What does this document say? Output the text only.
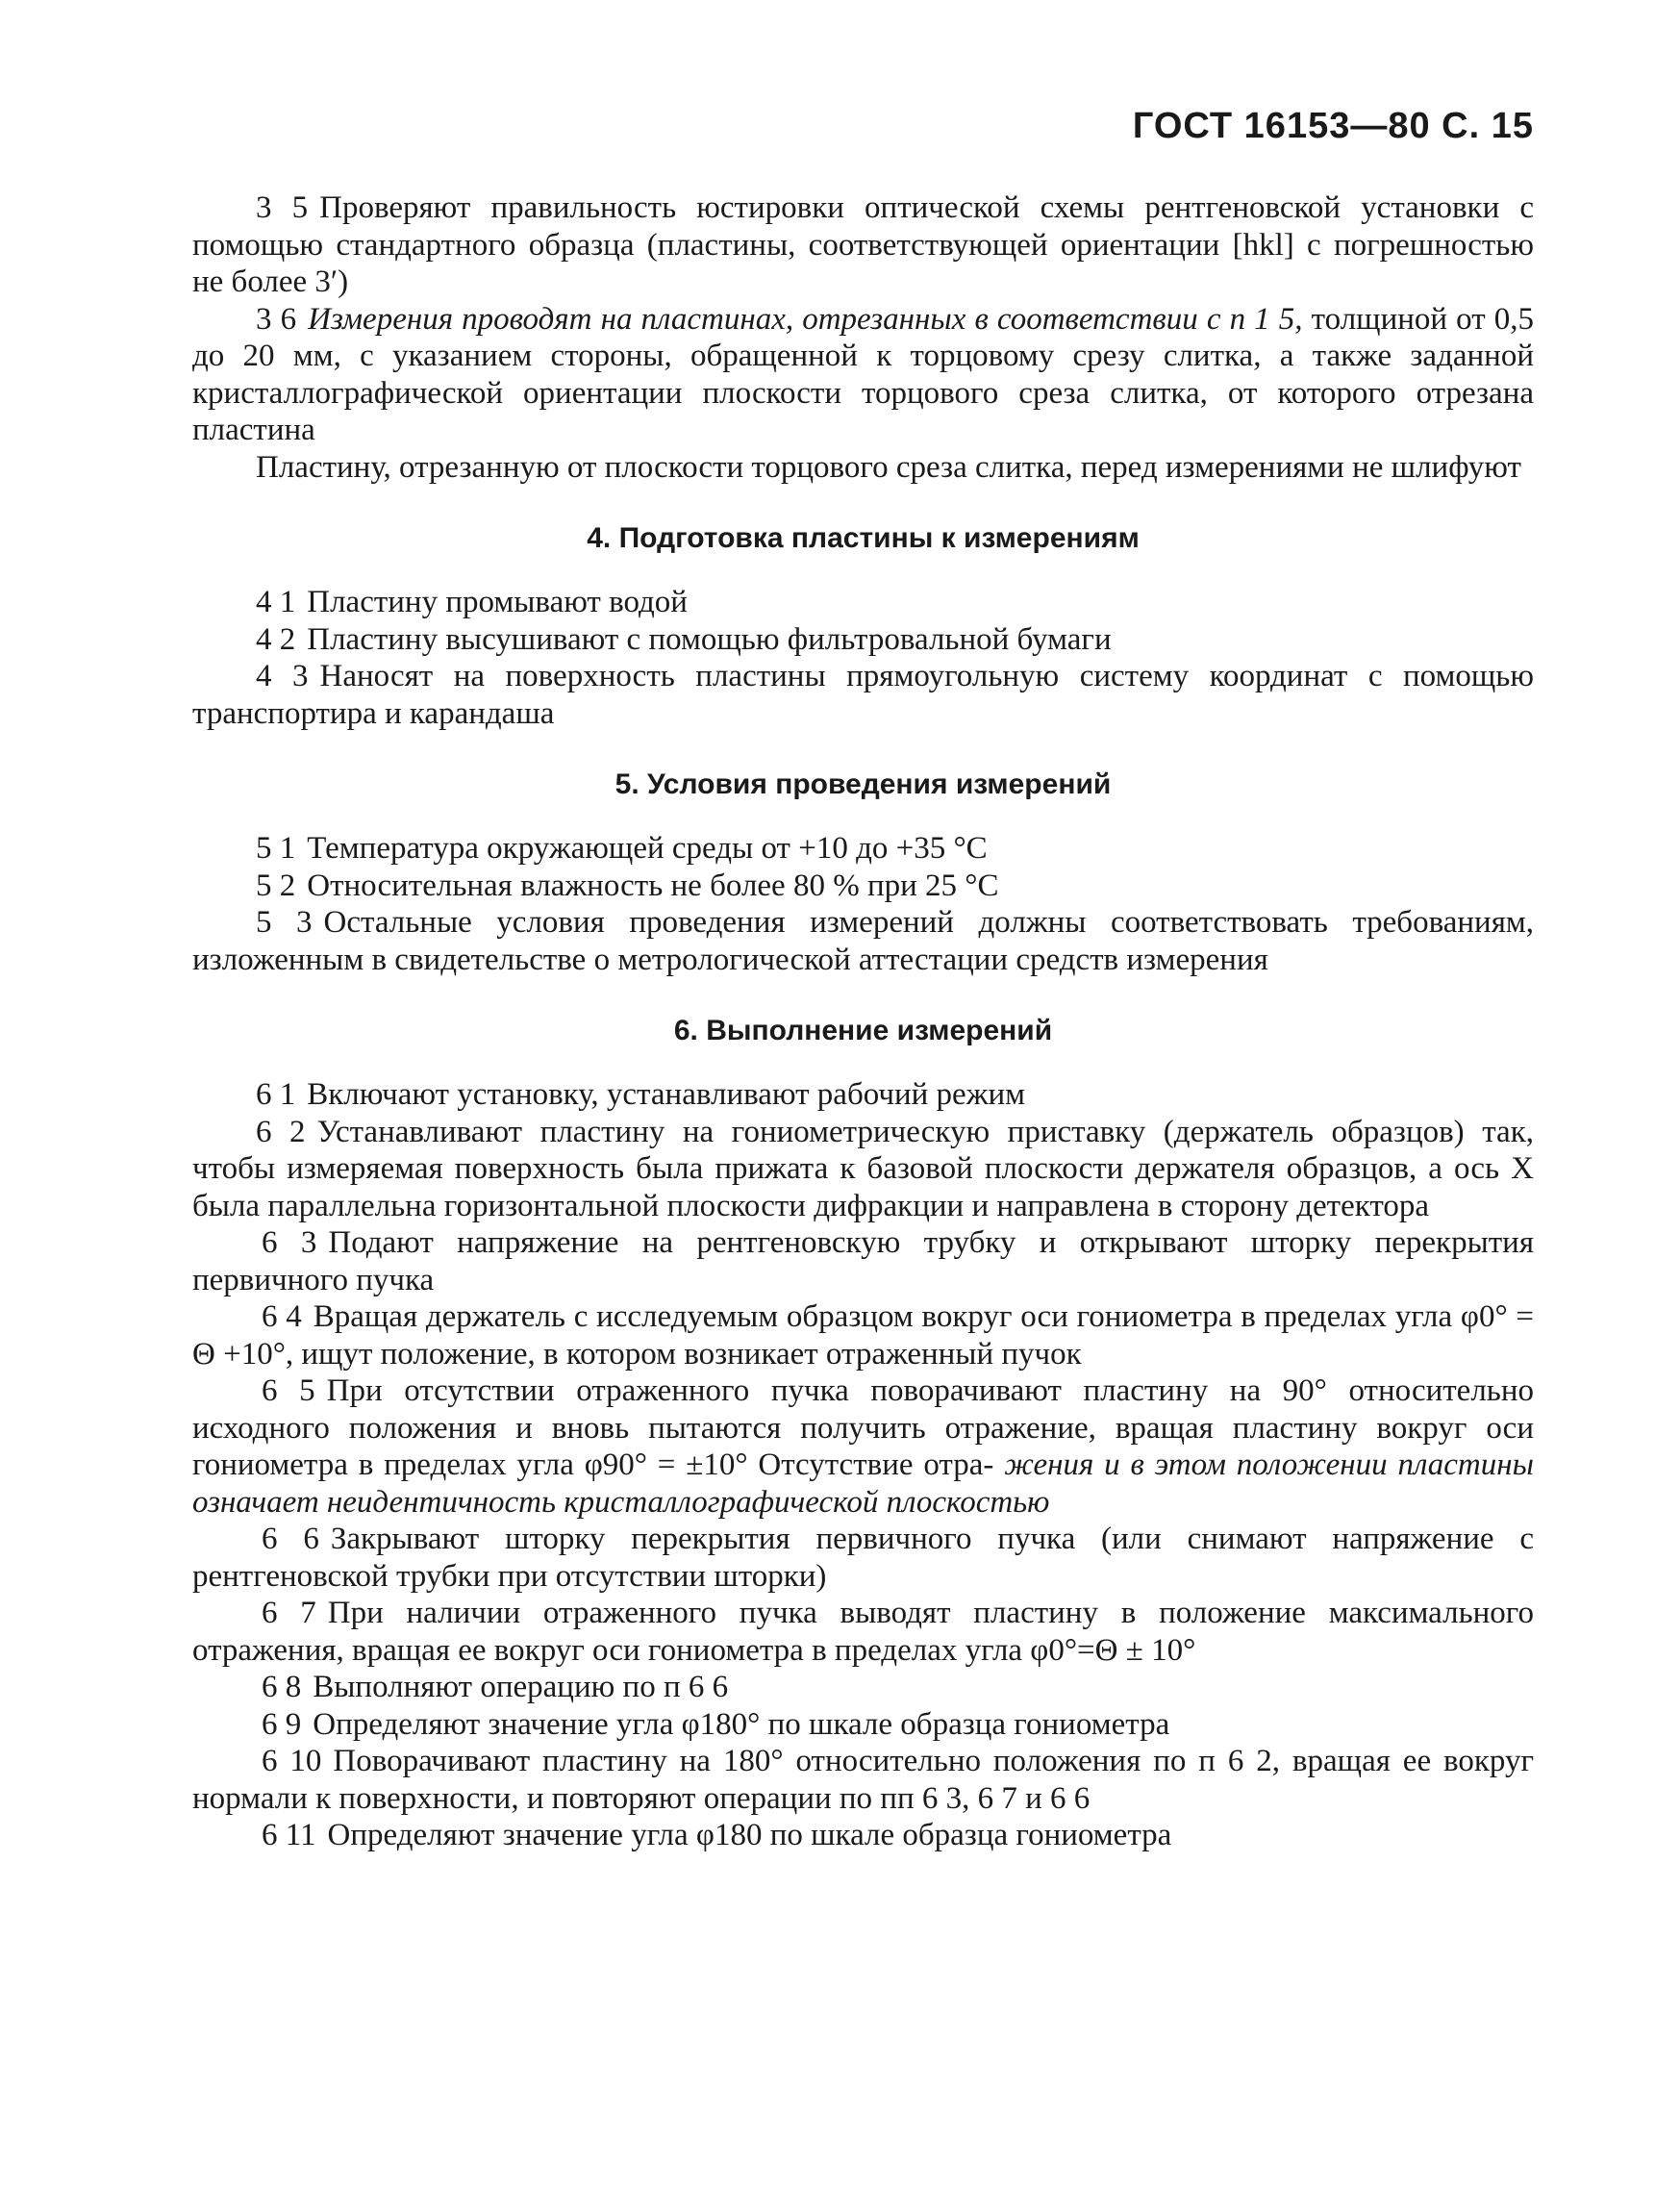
ГОСТ 16153—80 С. 15

3 5 Проверяют правильность юстировки оптической схемы рентгеновской установки с помощью стандартного образца (пластины, соответствующей ориентации [hkl] с погрешностью не более 3′)

3 6 Измерения проводят на пластинах, отрезанных в соответствии с п 1 5, толщиной от 0,5 до 20 мм, с указанием стороны, обращенной к торцовому срезу слитка, а также заданной кристаллографической ориентации плоскости торцового среза слитка, от которого отрезана пластина

Пластину, отрезанную от плоскости торцового среза слитка, перед измерениями не шлифуют

4. Подготовка пластины к измерениям

4 1 Пластину промывают водой

4 2 Пластину высушивают с помощью фильтровальной бумаги

4 3 Наносят на поверхность пластины прямоугольную систему координат с помощью транспортира и карандаша

5. Условия проведения измерений

5 1 Температура окружающей среды от +10 до +35 °С

5 2 Относительная влажность не более 80 % при 25 °С

5 3 Остальные условия проведения измерений должны соответствовать требованиям, изложенным в свидетельстве о метрологической аттестации средств измерения

6. Выполнение измерений

6 1 Включают установку, устанавливают рабочий режим

6 2 Устанавливают пластину на гониометрическую приставку (держатель образцов) так, чтобы измеряемая поверхность была прижата к базовой плоскости держателя образцов, а ось X была параллельна горизонтальной плоскости дифракции и направлена в сторону детектора

6 3 Подают напряжение на рентгеновскую трубку и открывают шторку перекрытия первичного пучка

6 4 Вращая держатель с исследуемым образцом вокруг оси гониометра в пределах угла φ0° = Θ +10°, ищут положение, в котором возникает отраженный пучок

6 5 При отсутствии отраженного пучка поворачивают пластину на 90° относительно исходного положения и вновь пытаются получить отражение, вращая пластину вокруг оси гониометра в пределах угла φ90° = ±10° Отсутствие отра- жения и в этом положении пластины означает неидентичность кристаллографической плоскостью

6 6 Закрывают шторку перекрытия первичного пучка (или снимают напряжение с рентгеновской трубки при отсутствии шторки)

6 7 При наличии отраженного пучка выводят пластину в положение максимального отражения, вращая ее вокруг оси гониометра в пределах угла φ0°=Θ ± 10°

6 8 Выполняют операцию по п 6 6

6 9 Определяют значение угла φ180° по шкале образца гониометра

6 10 Поворачивают пластину на 180° относительно положения по п 6 2, вращая ее вокруг нормали к поверхности, и повторяют операции по пп 6 3, 6 7 и 6 6

6 11 Определяют значение угла φ180 по шкале образца гониометра
